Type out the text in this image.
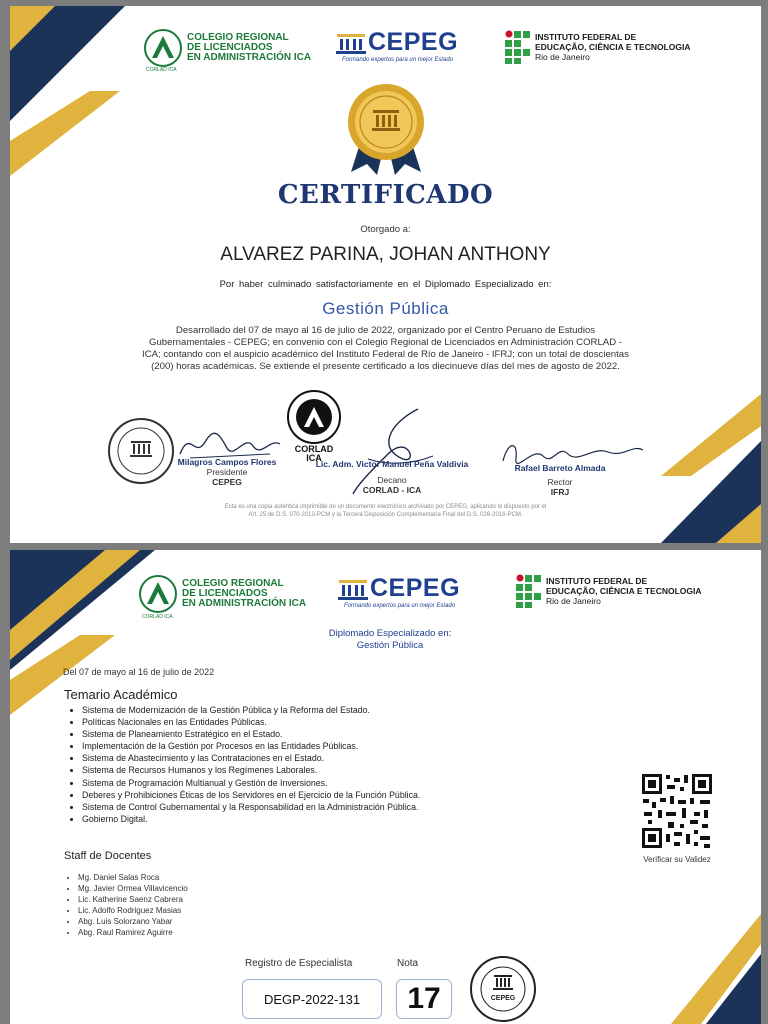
COLEGIO REGIONAL
DE LICENCIADOS
EN ADMINISTRACIÓN ICA
CORLAD ICA
CEPEG
Formando expertos para un mejor Estado
INSTITUTO FEDERAL DE
EDUCAÇÃO, CIÊNCIA E TECNOLOGIA
Rio de Janeiro
CERTIFICADO
Otorgado a:
ALVAREZ PARINA, JOHAN ANTHONY
Por haber culminado satisfactoriamente en el Diplomado Especializado en:
Gestión Pública
Desarrollado del 07 de mayo al 16 de julio de 2022, organizado por el Centro Peruano de Estudios
Gubernamentales - CEPEG; en convenio con el Colegio Regional de Licenciados en Administración CORLAD -
ICA; contando con el auspicio académico del Instituto Federal de Río de Janeiro - IFRJ; con un total de doscientas
(200) horas académicas. Se extiende el presente certificado a los diecinueve días del mes de agosto de 2022.
CORLAD
ICA
Milagros Campos Flores
Presidente
CEPEG
Lic. Adm. Victor Manuel Peña Valdivia
Decano
CORLAD - ICA
Rafael Barreto Almada
Rector
IFRJ
Esta es una copia auténtica imprimible de un documento electrónico archivado por CEPEG, aplicando lo dispuesto por el
Art. 25 de D.S. 070-2013-PCM y la Tercera Disposición Complementaria Final del D.S. 026-2016-PCM.
COLEGIO REGIONAL
DE LICENCIADOS
EN ADMINISTRACIÓN ICA
CORLAD ICA
CEPEG
Formando expertos para un mejor Estado
INSTITUTO FEDERAL DE
EDUCAÇÃO, CIÊNCIA E TECNOLOGIA
Rio de Janeiro
Diplomado Especializado en:
Gestión Pública
Del 07 de mayo al 16 de julio de 2022
Temario Académico
• Sistema de Modernización de la Gestión Pública y la Reforma del Estado.
• Políticas Nacionales en las Entidades Públicas.
• Sistema de Planeamiento Estratégico en el Estado.
• Implementación de la Gestión por Procesos en las Entidades Públicas.
• Sistema de Abastecimiento y las Contrataciones en el Estado.
• Sistema de Recursos Humanos y los Regímenes Laborales.
• Sistema de Programación Multianual y Gestión de Inversiones.
• Deberes y Prohibiciones Éticas de los Servidores en el Ejercicio de la Función Pública.
• Sistema de Control Gubernamental y la Responsabilidad en la Administración Pública.
• Gobierno Digital.
Verificar su Validez
Staff de Docentes
• Mg. Daniel Salas Roca
• Mg. Javier Ormea Villavicencio
• Lic. Katherine Saenz Cabrera
• Lic. Adolfo Rodriguez Masias
• Abg. Luis Solorzano Yabar
• Abg. Raul Ramirez Aguirre
Registro de Especialista
DEGP-2022-131
Nota
17	CEPEG
